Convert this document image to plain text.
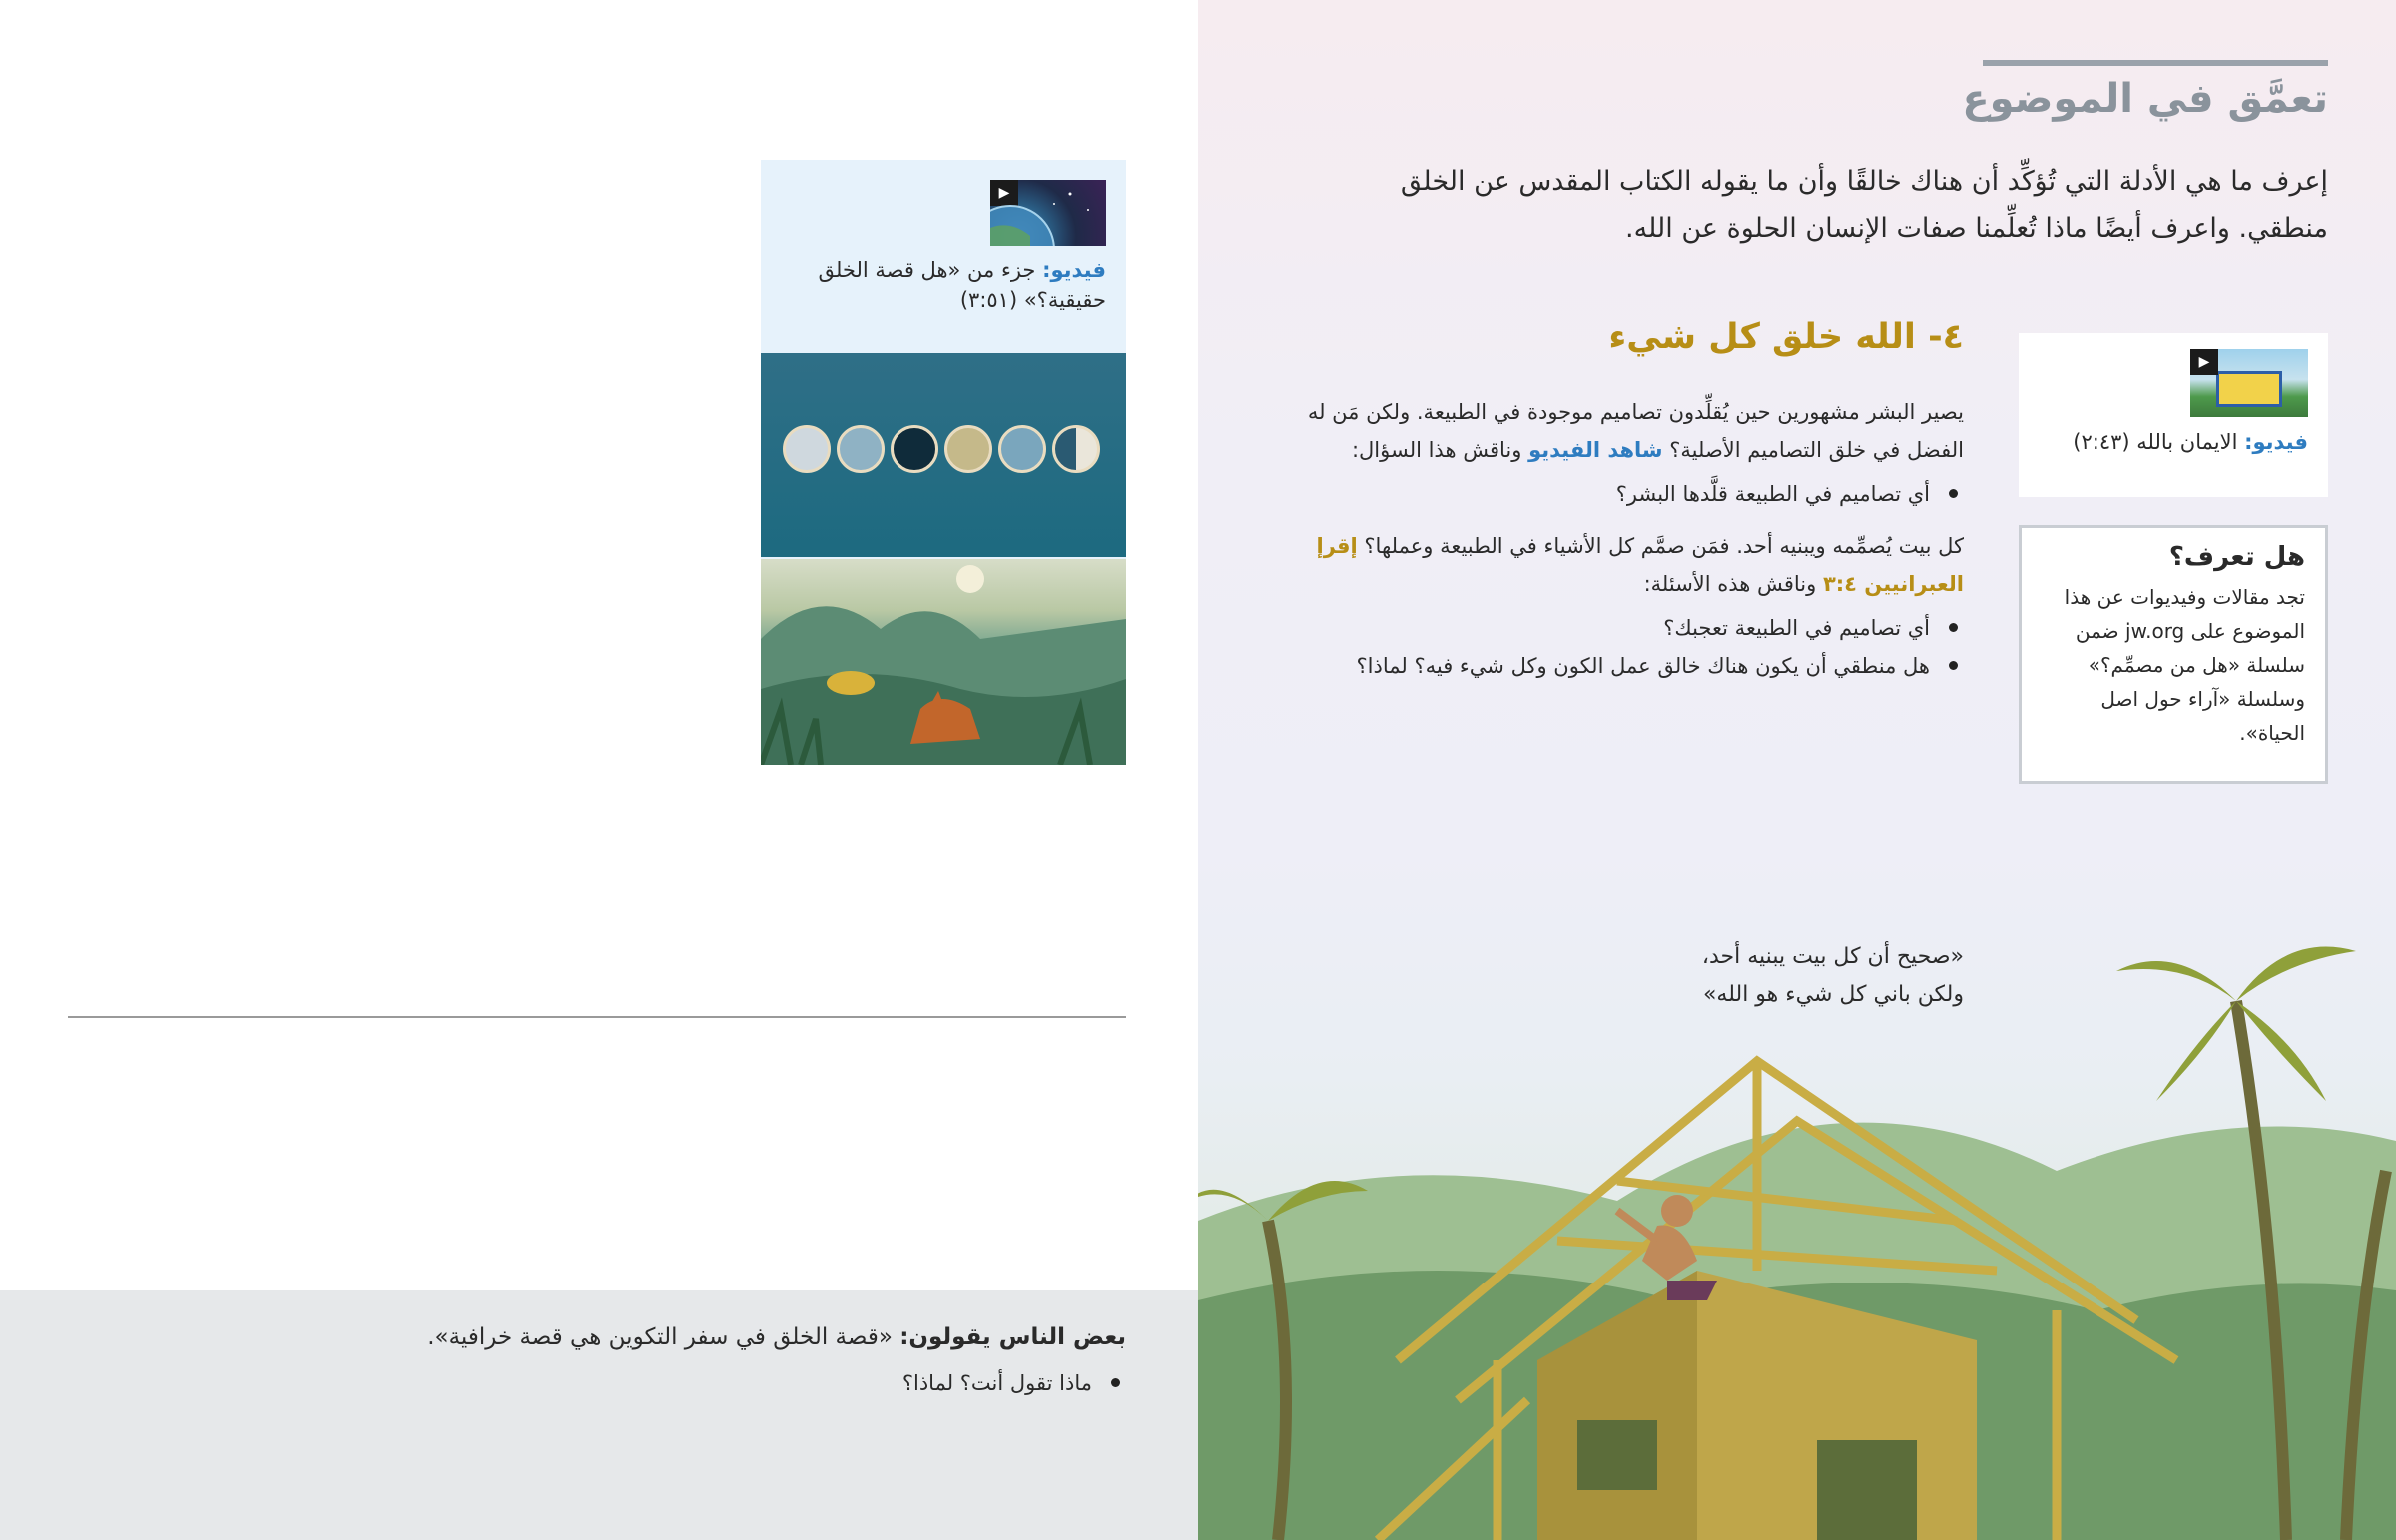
▶
فيديو: جزء من «هل قصة الخلق حقيقية؟» (٣:٥١)

بعض الناس يقولون: «قصة الخلق في سفر التكوين هي قصة خرافية».

ماذا تقول أنت؟ لماذا؟
تعمَّق في الموضوع

إعرف ما هي الأدلة التي تُؤكِّد أن هناك خالقًا وأن ما يقوله الكتاب المقدس عن الخلق منطقي. واعرف أيضًا ماذا تُعلِّمنا صفات الإنسان الحلوة عن الله.

▶
فيديو: الايمان بالله (٢:٤٣)
هل تعرف؟
تجد مقالات وفيديوات عن هذا الموضوع على jw.org ضمن سلسلة «هل من مصمِّم؟» وسلسلة «آراء حول اصل الحياة».
٤- الله خلق كل شيء

يصير البشر مشهورين حين يُقلِّدون تصاميم موجودة في الطبيعة. ولكن مَن له الفضل في خلق التصاميم الأصلية؟ شاهد الفيديو وناقش هذا السؤال:

أي تصاميم في الطبيعة قلَّدها البشر؟

كل بيت يُصمِّمه ويبنيه أحد. فمَن صمَّم كل الأشياء في الطبيعة وعملها؟ إقرإ العبرانيين ٣:٤ وناقش هذه الأسئلة:

أي تصاميم في الطبيعة تعجبك؟
هل منطقي أن يكون هناك خالق عمل الكون وكل شيء فيه؟ لماذا؟
«صحيح أن كل بيت يبنيه أحد،
ولكن باني كل شيء هو الله»
